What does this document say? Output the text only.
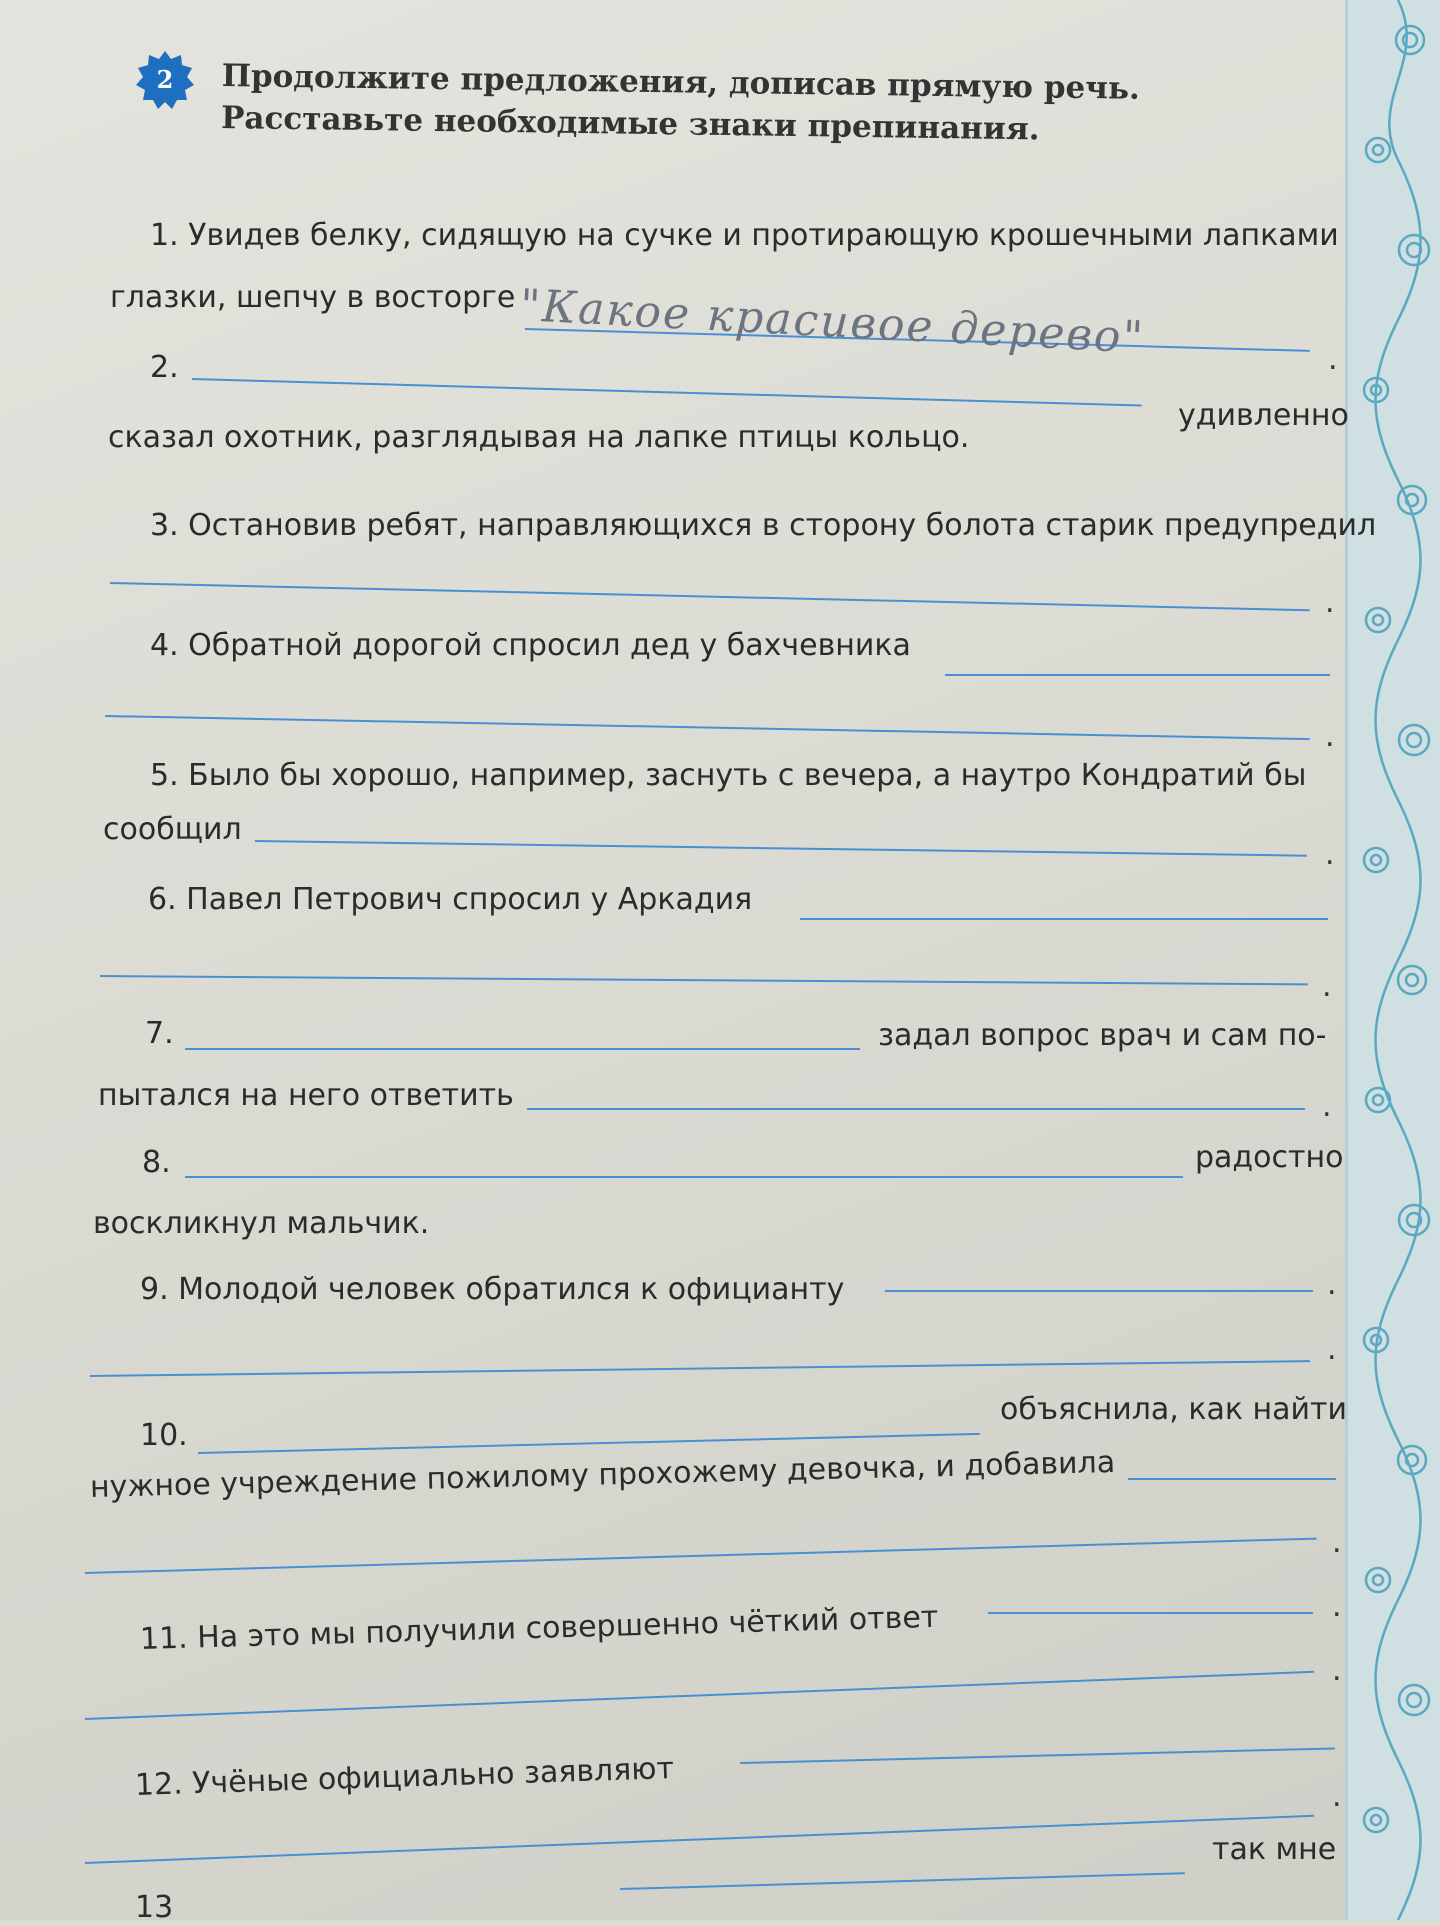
2	Продолжите предложения, дописав прямую речь. Расставьте необходимые знаки препинания.
1. Увидев белку, сидящую на сучке и протирающую крошечными лапками
глазки, шепчу в восторге "Какое красивое дерево"	.
2.
удивленно
сказал охотник, разглядывая на лапке птицы кольцо.
3. Остановив ребят, направляющихся в сторону болота старик предупредил
.
4. Обратной дорогой спросил дед у бахчевника
.
5. Было бы хорошо, например, заснуть с вечера, а наутро Кондратий бы
сообщил
.
6. Павел Петрович спросил у Аркадия
.
7.	задал вопрос врач и сам по-
пытался на него ответить	.
8.	радостно
воскликнул мальчик.
9. Молодой человек обратился к официанту	.
.
10.
объяснила, как найти
нужное учреждение пожилому прохожему девочка, и добавила
.
11. На это мы получили совершенно чёткий ответ	.
.
12. Учёные официально заявляют	.
так мне
13
